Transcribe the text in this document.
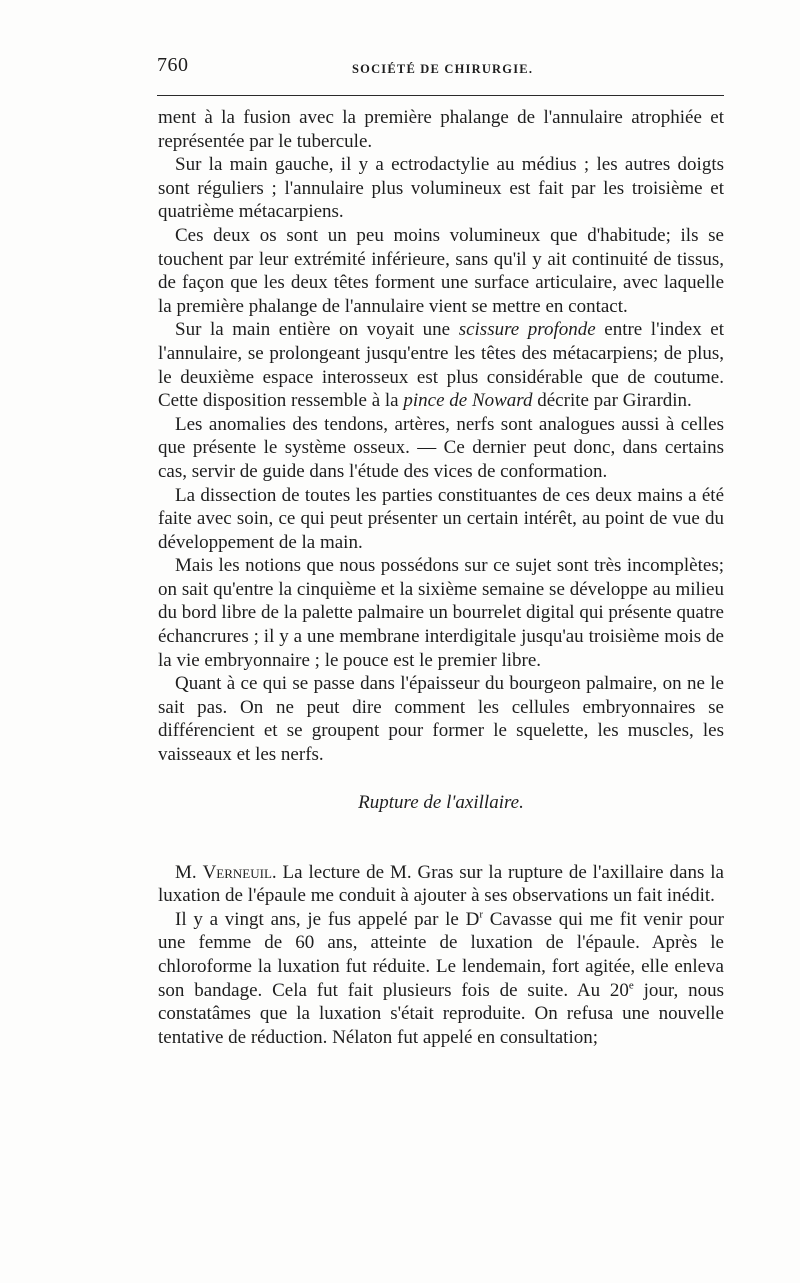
760	SOCIÉTÉ DE CHIRURGIE.

ment à la fusion avec la première phalange de l'annulaire atrophiée et représentée par le tubercule.

Sur la main gauche, il y a ectrodactylie au médius ; les autres doigts sont réguliers ; l'annulaire plus volumineux est fait par les troisième et quatrième métacarpiens.

Ces deux os sont un peu moins volumineux que d'habitude; ils se touchent par leur extrémité inférieure, sans qu'il y ait continuité de tissus, de façon que les deux têtes forment une surface articulaire, avec laquelle la première phalange de l'annulaire vient se mettre en contact.

Sur la main entière on voyait une scissure profonde entre l'index et l'annulaire, se prolongeant jusqu'entre les têtes des métacarpiens; de plus, le deuxième espace interosseux est plus considérable que de coutume. Cette disposition ressemble à la pince de Noward décrite par Girardin.

Les anomalies des tendons, artères, nerfs sont analogues aussi à celles que présente le système osseux. — Ce dernier peut donc, dans certains cas, servir de guide dans l'étude des vices de conformation.

La dissection de toutes les parties constituantes de ces deux mains a été faite avec soin, ce qui peut présenter un certain intérêt, au point de vue du développement de la main.

Mais les notions que nous possédons sur ce sujet sont très incomplètes; on sait qu'entre la cinquième et la sixième semaine se développe au milieu du bord libre de la palette palmaire un bourrelet digital qui présente quatre échancrures ; il y a une membrane interdigitale jusqu'au troisième mois de la vie embryonnaire ; le pouce est le premier libre.

Quant à ce qui se passe dans l'épaisseur du bourgeon palmaire, on ne le sait pas. On ne peut dire comment les cellules embryonnaires se différencient et se groupent pour former le squelette, les muscles, les vaisseaux et les nerfs.

Rupture de l'axillaire.

M. Verneuil. La lecture de M. Gras sur la rupture de l'axillaire dans la luxation de l'épaule me conduit à ajouter à ses observations un fait inédit.

Il y a vingt ans, je fus appelé par le $D^r$ Cavasse qui me fit venir pour une femme de 60 ans, atteinte de luxation de l'épaule. Après le chloroforme la luxation fut réduite. Le lendemain, fort agitée, elle enleva son bandage. Cela fut fait plusieurs fois de suite. Au 20e jour, nous constatâmes que la luxation s'était reproduite. On refusa une nouvelle tentative de réduction. Nélaton fut appelé en consultation;
